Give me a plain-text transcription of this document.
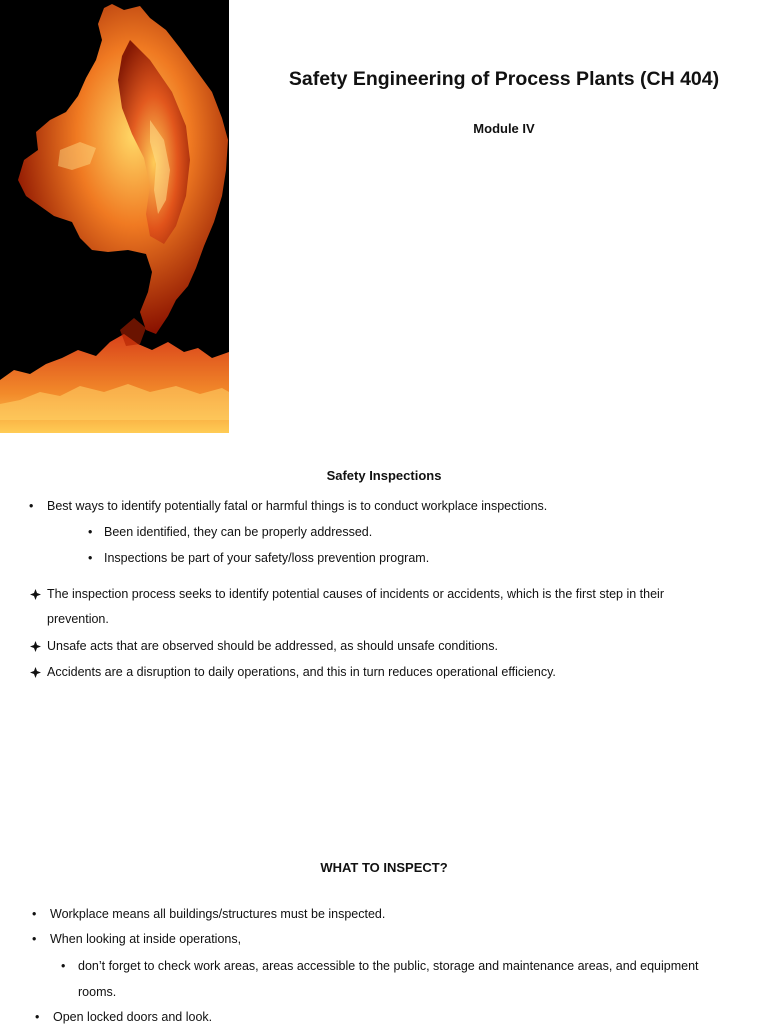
Safety Engineering of Process Plants (CH 404)
Module IV
Safety Inspections
• Best ways to identify potentially fatal or harmful things is to conduct workplace inspections.
• Been identified, they can be properly addressed.
• Inspections be part of your safety/loss prevention program.
The inspection process seeks to identify potential causes of incidents or accidents, which is the first step in their
prevention.
Unsafe acts that are observed should be addressed, as should unsafe conditions.
Accidents are a disruption to daily operations, and this in turn reduces operational efficiency.
WHAT TO INSPECT?
• Workplace means all buildings/structures must be inspected.
• When looking at inside operations,
• don’t forget to check work areas, areas accessible to the public, storage and maintenance areas, and equipment
rooms.
• Open locked doors and look.
